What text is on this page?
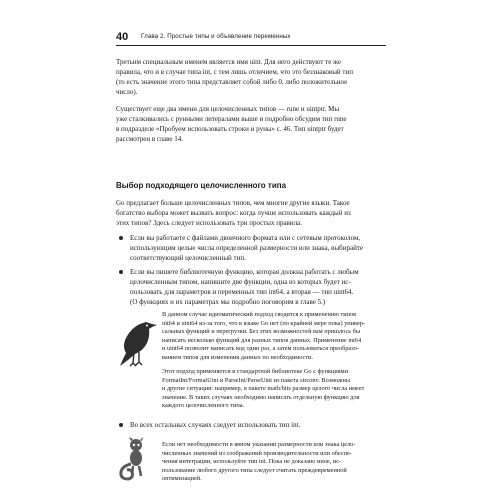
40 Глава 2. Простые типы и объявление переменных

Третьим специальным именем является имя uint. Для него действуют те же

правила, что и в случае типа int, с тем лишь отличием, что это беззнаковый тип

(то есть значение этого типа представляет собой либо 0, либо положительное

число).

Существует еще два имени для целочисленных типов — rune и uintptr. Мы

уже сталкивались с рунными литералами выше и подробно обсудим тип rune

в подразделе «Пробуем использовать строки и руны» с. 46. Тип uintptr будет

рассмотрен в главе 14.

Выбор подходящего целочисленного типа

Go предлагает больше целочисленных типов, чем многие другие языки. Такое

богатство выбора может вызвать вопрос: когда лучше использовать каждый из

этих типов? Здесь следует использовать три простых правила.

Если вы работаете с файлами двоичного формата или с сетевым протоколом,

использующим целые числа определенной размерности или знака, выбирайте

соответствующий целочисленный тип.

Если вы пишете библиотечную функцию, которая должна работать с любым

целочисленным типом, напишите две функции, одна из которых будет ис-

пользовать для параметров и переменных тип int64, а вторая — тип uint64.

(О функциях и их параметрах мы подробно поговорим в главе 5.)

В данном случае идиоматический подход сводится к применению типов

int64 и uint64 из-за того, что в языке Go нет (по крайней мере пока) универ-

сальных функций и перегрузки. Без этих возможностей вам пришлось бы

написать несколько функций для разных типов данных. Применение int64

и uint64 позволит написать код один раз, а затем пользоваться преобразо-

ванием типов для изменения данных по необходимости.

Этот подход применяется в стандартной библиотеке Go с функциями

FormatInt/FormatUint и ParseInt/ParseUint из пакета strconv. Возможны

и другие ситуации: например, в пакете math/bits размер целого числа имеет

значение. В таких случаях необходимо написать отдельную функцию для

каждого целочисленного типа.

Во всех остальных случаях следует использовать тип int.

Если нет необходимости в явном указании размерности или знака цело-

численных значений из соображений производительности или обеспе-

чения интеграции, используйте тип int. Пока не доказано иное, ис-

пользование любого другого типа следует считать преждевременной

оптимизацией.
